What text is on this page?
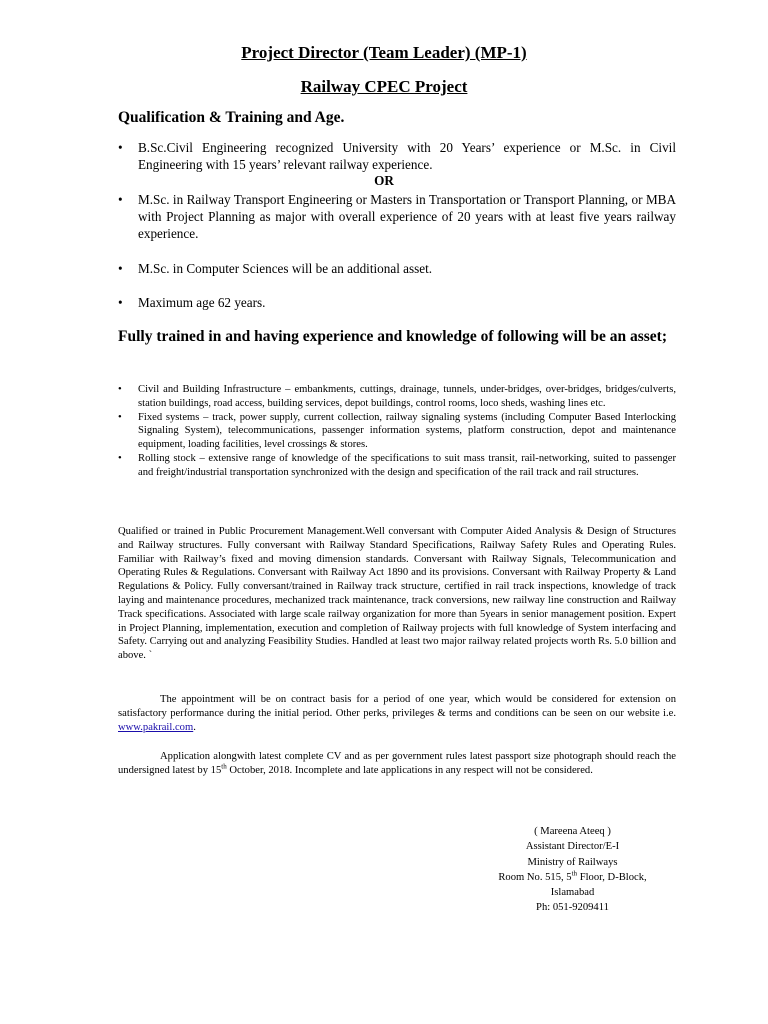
Project Director (Team Leader) (MP-1)
Railway CPEC Project
Qualification & Training and Age.
• B.Sc.Civil Engineering recognized University with 20 Years’ experience or M.Sc. in Civil Engineering with 15 years’ relevant railway experience.
OR
• M.Sc. in Railway Transport Engineering or Masters in Transportation or Transport Planning, or MBA with Project Planning as major with overall experience of 20 years with at least five years railway experience.
• M.Sc. in Computer Sciences will be an additional asset.
• Maximum age 62 years.
Fully trained in and having experience and knowledge of following will be an asset;
• Civil and Building Infrastructure – embankments, cuttings, drainage, tunnels, under-bridges, over-bridges, bridges/culverts, station buildings, road access, building services, depot buildings, control rooms, loco sheds, washing lines etc.
• Fixed systems – track, power supply, current collection, railway signaling systems (including Computer Based Interlocking Signaling System), telecommunications, passenger information systems, platform construction, depot and maintenance equipment, loading facilities, level crossings & stores.
• Rolling stock – extensive range of knowledge of the specifications to suit mass transit, rail-networking, suited to passenger and freight/industrial transportation synchronized with the design and specification of the rail track and rail structures.

Qualified or trained in Public Procurement Management.Well conversant with Computer Aided Analysis & Design of Structures and Railway structures. Fully conversant with Railway Standard Specifications, Railway Safety Rules and Operating Rules. Familiar with Railway’s fixed and moving dimension standards. Conversant with Railway Signals, Telecommunication and Operating Rules & Regulations. Conversant with Railway Act 1890 and its provisions. Conversant with Railway Property & Land Regulations & Policy. Fully conversant/trained in Railway track structure, certified in rail track inspections, knowledge of track laying and maintenance procedures, mechanized track maintenance, track conversions, new railway line construction and Railway Track specifications. Associated with large scale railway organization for more than 5years in senior management position. Expert in Project Planning, implementation, execution and completion of Railway projects with full knowledge of System interfacing and Safety. Carrying out and analyzing Feasibility Studies. Handled at least two major railway related projects worth Rs. 5.0 billion and above. `

The appointment will be on contract basis for a period of one year, which would be considered for extension on satisfactory performance during the initial period. Other perks, privileges & terms and conditions can be seen on our website i.e. www.pakrail.com.

Application alongwith latest complete CV and as per government rules latest passport size photograph should reach the undersigned latest by 15th October, 2018. Incomplete and late applications in any respect will not be considered.

( Mareena Ateeq )
Assistant Director/E-I
Ministry of Railways
Room No. 515, 5th Floor, D-Block,
Islamabad
Ph: 051-9209411
